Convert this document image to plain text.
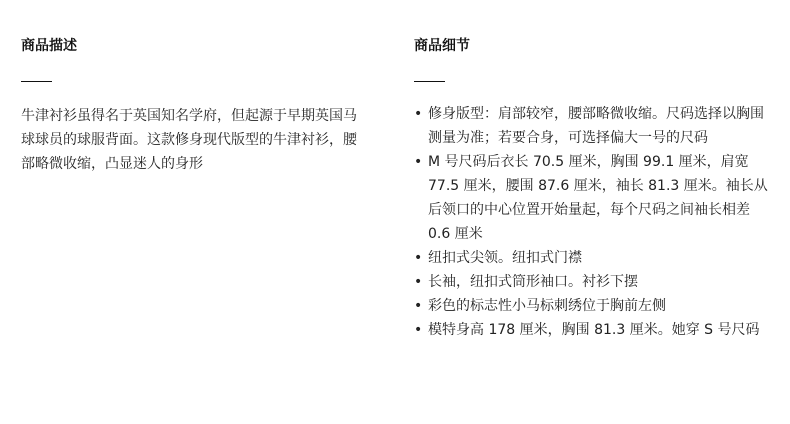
商品描述

牛津衬衫虽得名于英国知名学府，但起源于早期英国马球球员的球服背面。这款修身现代版型的牛津衬衫，腰部略微收缩，凸显迷人的身形

商品细节
• 修身版型：肩部较窄，腰部略微收缩。尺码选择以胸围测量为准；若要合身，可选择偏大一号的尺码
• M 号尺码后衣长 70.5 厘米，胸围 99.1 厘米，肩宽 77.5 厘米，腰围 87.6 厘米，袖长 81.3 厘米。袖长从后领口的中心位置开始量起，每个尺码之间袖长相差 0.6 厘米
• 纽扣式尖领。纽扣式门襟
• 长袖，纽扣式筒形袖口。衬衫下摆
• 彩色的标志性小马标刺绣位于胸前左侧
• 模特身高 178 厘米，胸围 81.3 厘米。她穿 S 号尺码
